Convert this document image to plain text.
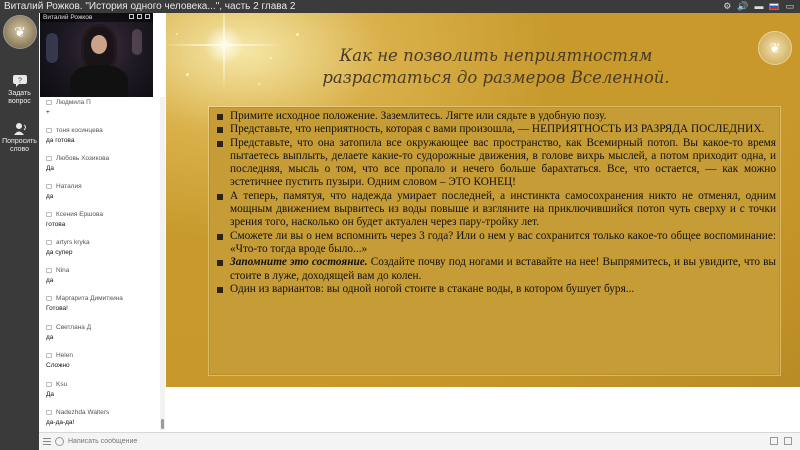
Виталий Рожков. "История одного человека...", часть 2 глава 2	⚙ 🔊 ▬ ▭
❦
?
Задать вопрос
Попросить слово
Виталий Рожков
Людмила П
+
тоня косинцева
да готова
Любовь Хозикова
Да
Наталия
да
Ксения Ершова
готова
artyrs kryka
да супер
Nina
да
Маргарита Димиткина
Готова!
Светлана Д
да
Helen
Сложно
Ksu
Да
Nadezhda Walters
да-да-да!
❦
Как не позволить неприятностям
разрастаться до размеров Вселенной.
Примите исходное положение. Заземлитесь. Лягте или сядьте в удобную позу.
Представьте, что неприятность, которая с вами произошла, — НЕПРИЯТНОСТЬ ИЗ РАЗРЯДА ПОСЛЕДНИХ.
Представьте, что она затопила все окружающее вас пространство, как Всемирный потоп. Вы какое-то время пытаетесь выплыть, делаете какие-то судорожные движения, в голове вихрь мыслей, а потом приходит одна, и последняя, мысль о том, что все пропало и нечего больше барахтаться. Все, что остается, — как можно эстетичнее пустить пузыри. Одним словом – ЭТО КОНЕЦ!
А теперь, памятуя, что надежда умирает последней, а инстинкта самосохранения никто не отменял, одним мощным движением вырвитесь из воды повыше и взгляните на приключившийся потоп чуть сверху и с точки зрения того, насколько он будет актуален через пару-тройку лет.
Сможете ли вы о нем вспомнить через 3 года? Или о нем у вас сохранится только какое-то общее воспоминание: «Что-то тогда вроде было...»
Запомните это состояние. Создайте почву под ногами и вставайте на нее! Выпрямитесь, и вы увидите, что вы стоите в луже, доходящей вам до колен.
Один из вариантов: вы одной ногой стоите в стакане воды, в котором бушует буря...
Написать сообщение
